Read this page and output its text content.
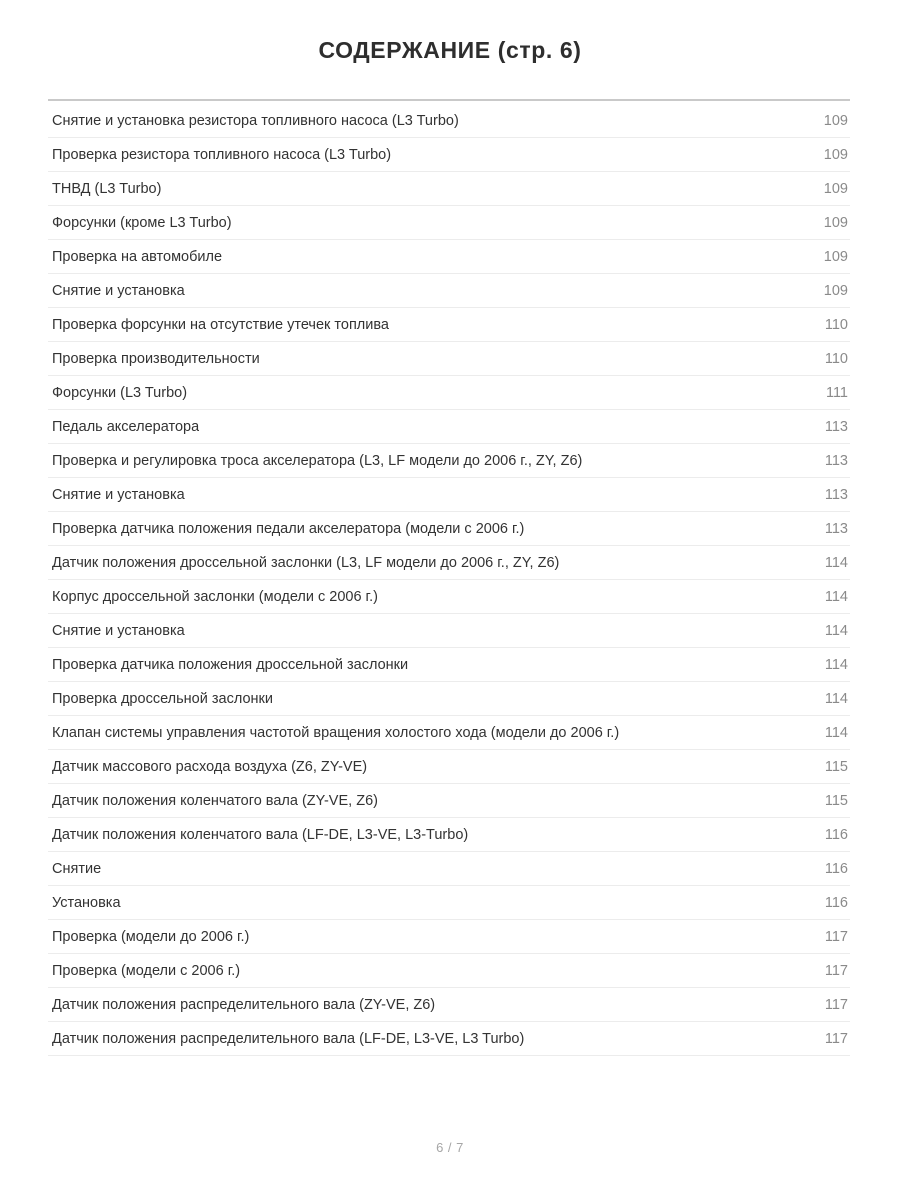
СОДЕРЖАНИЕ (стр. 6)
Снятие и установка резистора топливного насоса (L3 Turbo)	109
Проверка резистора топливного насоса (L3 Turbo)	109
ТНВД (L3 Turbo)	109
Форсунки (кроме L3 Turbo)	109
Проверка на автомобиле	109
Снятие и установка	109
Проверка форсунки на отсутствие утечек топлива	110
Проверка производительности	110
Форсунки (L3 Turbo)	111
Педаль акселератора	113
Проверка и регулировка троса акселератора (L3, LF модели до 2006 г., ZY, Z6)	113
Снятие и установка	113
Проверка датчика положения педали акселератора (модели с 2006 г.)	113
Датчик положения дроссельной заслонки (L3, LF модели до 2006 г., ZY, Z6)	114
Корпус дроссельной заслонки (модели с 2006 г.)	114
Снятие и установка	114
Проверка датчика положения дроссельной заслонки	114
Проверка дроссельной заслонки	114
Клапан системы управления частотой вращения холостого хода (модели до 2006 г.)	114
Датчик массового расхода воздуха (Z6, ZY-VE)	115
Датчик положения коленчатого вала (ZY-VE, Z6)	115
Датчик положения коленчатого вала (LF-DE, L3-VE, L3-Turbo)	116
Снятие	116
Установка	116
Проверка (модели до 2006 г.)	117
Проверка (модели с 2006 г.)	117
Датчик положения распределительного вала (ZY-VE, Z6)	117
Датчик положения распределительного вала (LF-DE, L3-VE, L3 Turbo)	117
6 / 7
